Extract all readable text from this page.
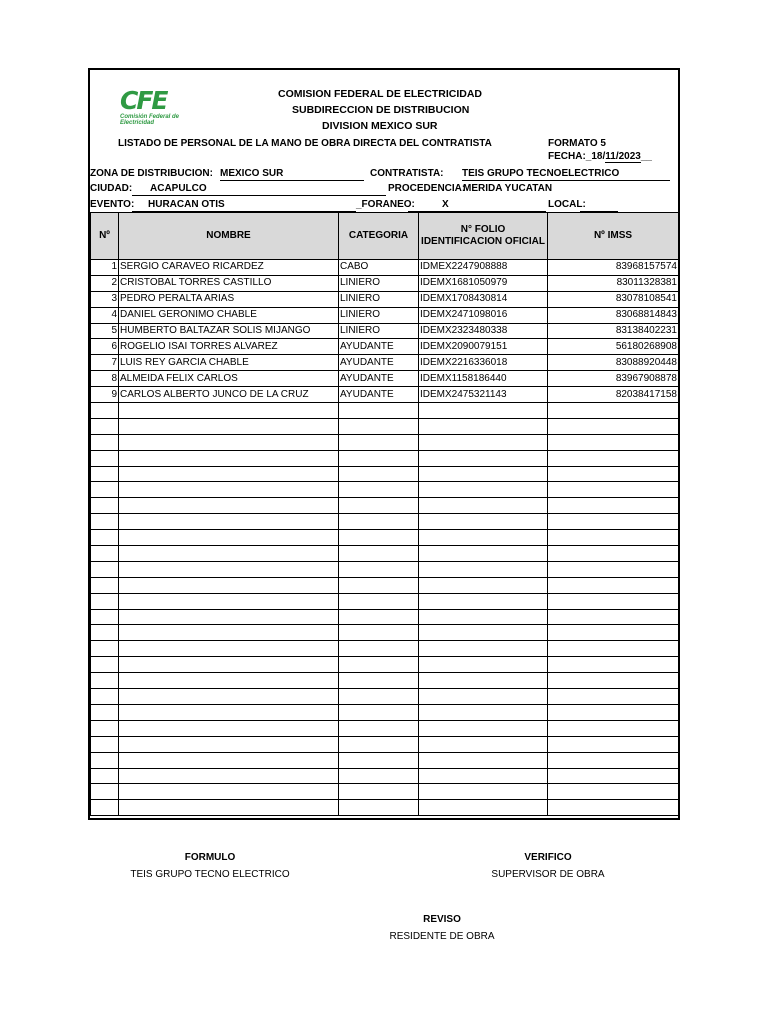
CFE
Comisión Federal de Electricidad
COMISION FEDERAL DE ELECTRICIDAD
SUBDIRECCION DE DISTRIBUCION
DIVISION MEXICO SUR
LISTADO DE PERSONAL DE LA MANO DE OBRA DIRECTA DEL CONTRATISTA	FORMATO 5
FECHA:_18/11/2023__
ZONA DE DISTRIBUCION: MEXICO SUR	CONTRATISTA: TEIS GRUPO TECNOELECTRICO
CIUDAD: ACAPULCO	PROCEDENCIA:
MERIDA YUCATAN
EVENTO: HURACAN OTIS	_FORANEO:	X	LOCAL:
Nº	NOMBRE	CATEGORIA	N° FOLIO IDENTIFICACION OFICIAL	Nº IMSS
1	SERGIO CARAVEO RICARDEZ	CABO	IDMEX2247908888	83968157574
2	CRISTOBAL TORRES CASTILLO	LINIERO	IDEMX1681050979	83011328381
3	PEDRO PERALTA ARIAS	LINIERO	IDEMX1708430814	83078108541
4	DANIEL GERONIMO CHABLE	LINIERO	IDEMX2471098016	83068814843
5	HUMBERTO BALTAZAR SOLIS MIJANGO	LINIERO	IDEMX2323480338	83138402231
6	ROGELIO ISAI TORRES ALVAREZ	AYUDANTE	IDEMX2090079151	56180268908
7	LUIS REY GARCIA CHABLE	AYUDANTE	IDEMX2216336018	83088920448
8	ALMEIDA FELIX CARLOS	AYUDANTE	IDEMX1158186440	83967908878
9	CARLOS ALBERTO JUNCO DE LA CRUZ	AYUDANTE	IDEMX2475321143	82038417158

FORMULO
TEIS GRUPO TECNO ELECTRICO
VERIFICO
SUPERVISOR DE OBRA
REVISO
RESIDENTE DE OBRA
